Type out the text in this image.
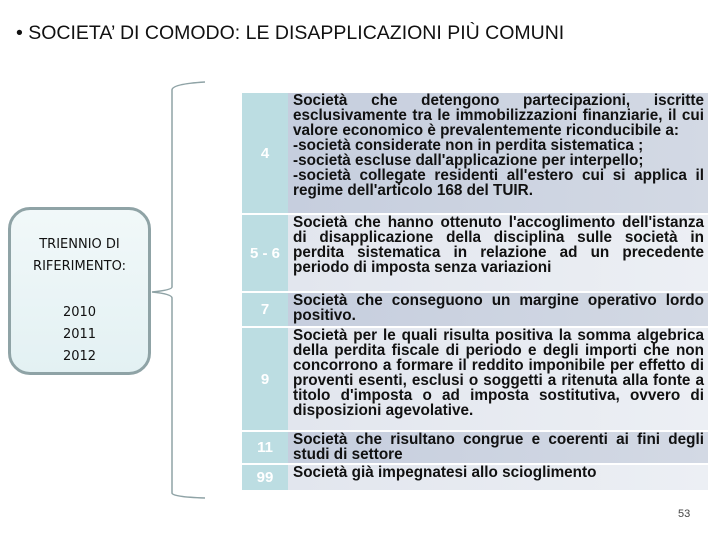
• SOCIETA’ DI COMODO: LE DISAPPLICAZIONI PIÙ COMUNI
TRIENNIO DI
RIFERIMENTO:
2010
2011
2012
4
Società che detengono partecipazioni, iscritte esclusivamente tra le immobilizzazioni finanziarie, il cui valore economico è prevalentemente riconducibile a:
-società considerate non in perdita sistematica ;
-società escluse dall'applicazione per interpello;
-società collegate residenti all'estero cui si applica il regime dell'articolo 168 del TUIR.
5 - 6
Società che hanno ottenuto l'accoglimento dell'istanza di disapplicazione della disciplina sulle società in perdita sistematica in relazione ad un precedente periodo di imposta senza variazioni
7
Società che conseguono un margine operativo lordo positivo.
9
Società per le quali risulta positiva la somma algebrica della perdita fiscale di periodo e degli importi che non concorrono a formare il reddito imponibile per effetto di proventi esenti, esclusi o soggetti a ritenuta alla fonte a titolo d'imposta o ad imposta sostitutiva, ovvero di disposizioni agevolative.
11	Società che risultano congrue e coerenti ai fini degli studi di settore
99	Società già impegnatesi allo scioglimento
53
